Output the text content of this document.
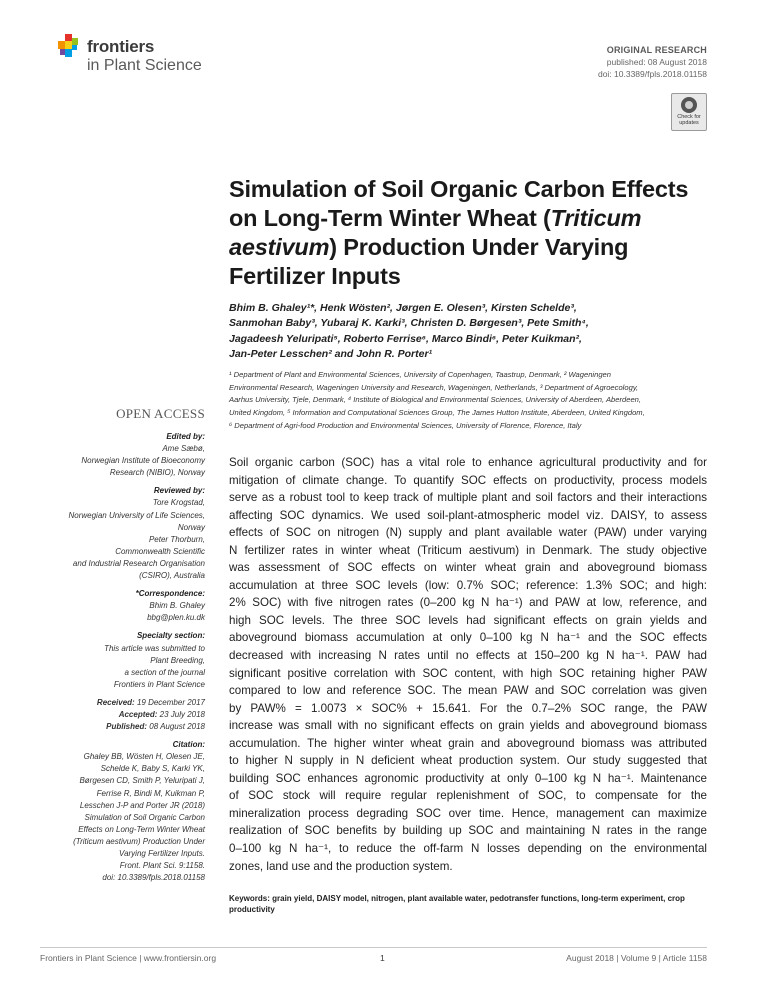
frontiers
in Plant Science
ORIGINAL RESEARCH
published: 08 August 2018
doi: 10.3389/fpls.2018.01158
Check for
updates
Simulation of Soil Organic Carbon Effects on Long-Term Winter Wheat (Triticum aestivum) Production Under Varying Fertilizer Inputs
Bhim B. Ghaley¹*, Henk Wösten², Jørgen E. Olesen³, Kirsten Schelde³,
Sanmohan Baby³, Yubaraj K. Karki³, Christen D. Børgesen³, Pete Smith⁴,
Jagadeesh Yeluripati⁵, Roberto Ferrise⁶, Marco Bindi⁶, Peter Kuikman²,
Jan-Peter Lesschen² and John R. Porter¹
¹ Department of Plant and Environmental Sciences, University of Copenhagen, Taastrup, Denmark, ² Wageningen
Environmental Research, Wageningen University and Research, Wageningen, Netherlands, ³ Department of Agroecology,
Aarhus University, Tjele, Denmark, ⁴ Institute of Biological and Environmental Sciences, University of Aberdeen, Aberdeen,
United Kingdom, ⁵ Information and Computational Sciences Group, The James Hutton Institute, Aberdeen, United Kingdom,
⁶ Department of Agri-food Production and Environmental Sciences, University of Florence, Florence, Italy
OPEN ACCESS
Edited by:
Ame Sæbø,
Norwegian Institute of Bioeconomy
Research (NIBIO), Norway
Reviewed by:
Tore Krogstad,
Norwegian University of Life Sciences,
Norway
Peter Thorburn,
Commonwealth Scientific
and Industrial Research Organisation
(CSIRO), Australia
*Correspondence:
Bhim B. Ghaley
bbg@plen.ku.dk
Specialty section:
This article was submitted to
Plant Breeding,
a section of the journal
Frontiers in Plant Science
Received: 19 December 2017
Accepted: 23 July 2018
Published: 08 August 2018
Citation:
Ghaley BB, Wösten H, Olesen JE,
Schelde K, Baby S, Karki YK,
Børgesen CD, Smith P, Yeluripati J,
Ferrise R, Bindi M, Kuikman P,
Lesschen J-P and Porter JR (2018)
Simulation of Soil Organic Carbon
Effects on Long-Term Winter Wheat
(Triticum aestivum) Production Under
Varying Fertilizer Inputs.
Front. Plant Sci. 9:1158.
doi: 10.3389/fpls.2018.01158
Soil organic carbon (SOC) has a vital role to enhance agricultural productivity and for
mitigation of climate change. To quantify SOC effects on productivity, process models
serve as a robust tool to keep track of multiple plant and soil factors and their interactions
affecting SOC dynamics. We used soil-plant-atmospheric model viz. DAISY, to assess
effects of SOC on nitrogen (N) supply and plant available water (PAW) under varying
N fertilizer rates in winter wheat (Triticum aestivum) in Denmark. The study objective
was assessment of SOC effects on winter wheat grain and aboveground biomass
accumulation at three SOC levels (low: 0.7% SOC; reference: 1.3% SOC; and high:
2% SOC) with five nitrogen rates (0–200 kg N ha⁻¹) and PAW at low, reference, and
high SOC levels. The three SOC levels had significant effects on grain yields and
aboveground biomass accumulation at only 0–100 kg N ha⁻¹ and the SOC effects
decreased with increasing N rates until no effects at 150–200 kg N ha⁻¹. PAW had
significant positive correlation with SOC content, with high SOC retaining higher PAW
compared to low and reference SOC. The mean PAW and SOC correlation was given
by PAW% = 1.0073 × SOC% + 15.641. For the 0.7–2% SOC range, the PAW
increase was small with no significant effects on grain yields and aboveground biomass
accumulation. The higher winter wheat grain and aboveground biomass was attributed
to higher N supply in N deficient wheat production system. Our study suggested that
building SOC enhances agronomic productivity at only 0–100 kg N ha⁻¹. Maintenance
of SOC stock will require regular replenishment of SOC, to compensate for the
mineralization process degrading SOC over time. Hence, management can maximize
realization of SOC benefits by building up SOC and maintaining N rates in the range
0–100 kg N ha⁻¹, to reduce the off-farm N losses depending on the environmental
zones, land use and the production system.
Keywords: grain yield, DAISY model, nitrogen, plant available water, pedotransfer functions, long-term experiment, crop productivity
Frontiers in Plant Science | www.frontiersin.org	1	August 2018 | Volume 9 | Article 1158
